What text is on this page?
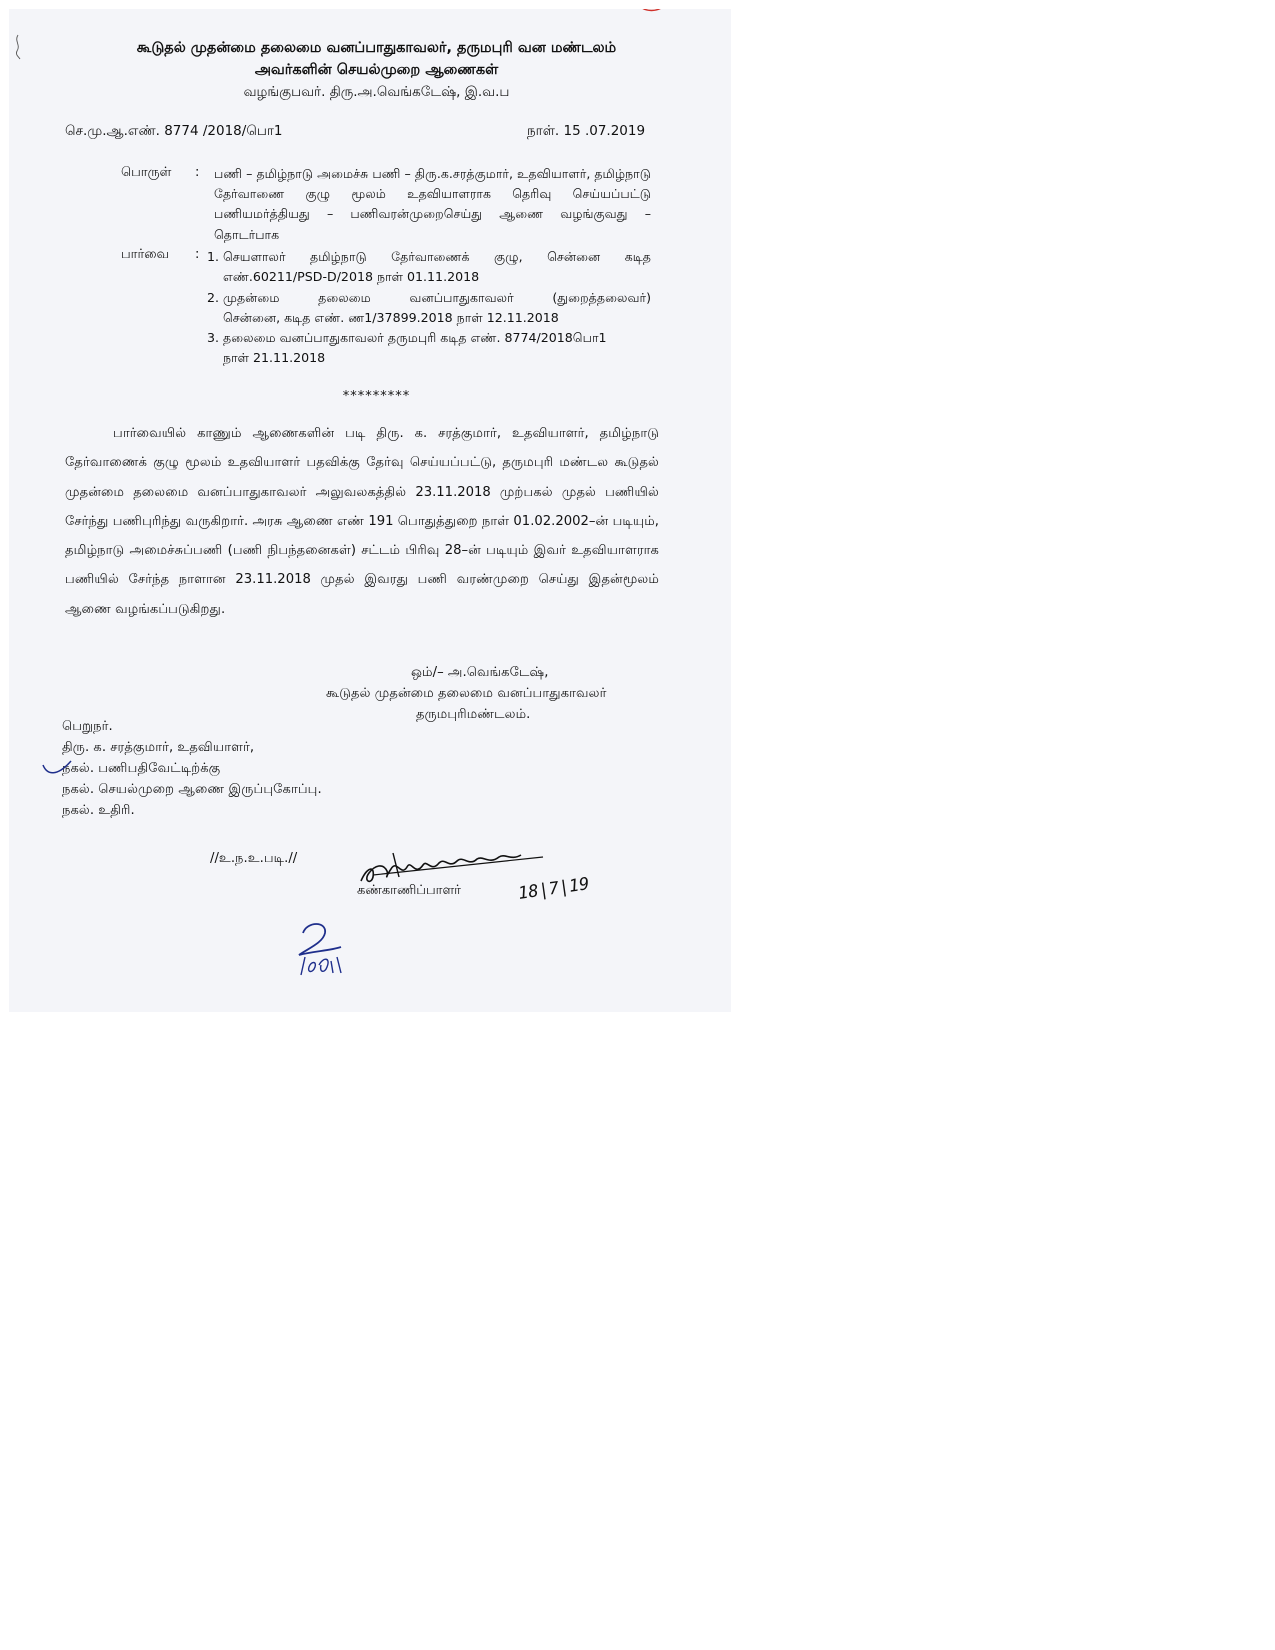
கூடுதல் முதன்மை தலைமை வனப்பாதுகாவலர், தருமபுரி வன மண்டலம்
அவர்களின் செயல்முறை ஆணைகள்
வழங்குபவர். திரு.அ.வெங்கடேஷ், இ.வ.ப
செ.மு.ஆ.எண். 8774 /2018/பொ1	நாள். 15 .07.2019
பொருள் : பணி – தமிழ்நாடு அமைச்சு பணி – திரு.க.சரத்குமார், உதவியாளர், தமிழ்நாடு தேர்வாணை குழு மூலம் உதவியாளராக தெரிவு செய்யப்பட்டு பணியமர்த்தியது – பணிவரன்முறைசெய்து ஆணை வழங்குவது – தொடர்பாக
பார்வை : 1. செயளாலர் தமிழ்நாடு தேர்வாணைக் குழு, சென்னை கடித
எண்.60211/PSD-D/2018 நாள் 01.11.2018
2. முதன்மை தலைமை வனப்பாதுகாவலர் (துறைத்தலைவர்)
சென்னை, கடித எண். ண1/37899.2018 நாள் 12.11.2018
3. தலைமை வனப்பாதுகாவலர் தருமபுரி கடித எண். 8774/2018பொ1
நாள் 21.11.2018
*********
பார்வையில் காணும் ஆணைகளின் படி திரு. க. சரத்குமார், உதவியாளர், தமிழ்நாடு தேர்வாணைக் குழு மூலம் உதவியாளர் பதவிக்கு தேர்வு செய்யப்பட்டு, தருமபுரி மண்டல கூடுதல் முதன்மை தலைமை வனப்பாதுகாவலர் அலுவலகத்தில் 23.11.2018 முற்பகல் முதல் பணியில் சேர்ந்து பணிபுரிந்து வருகிறார். அரசு ஆணை எண் 191 பொதுத்துறை நாள் 01.02.2002–ன் படியும், தமிழ்நாடு அமைச்சுப்பணி (பணி நிபந்தனைகள்) சட்டம் பிரிவு 28–ன் படியும் இவர் உதவியாளராக பணியில் சேர்ந்த நாளான 23.11.2018 முதல் இவரது பணி வரண்முறை செய்து இதன்மூலம் ஆணை வழங்கப்படுகிறது.
ஒம்/– அ.வெங்கடேஷ்,
கூடுதல் முதன்மை தலைமை வனப்பாதுகாவலர்
தருமபுரிமண்டலம்.
பெறுநர்.
திரு. க. சரத்குமார், உதவியாளர்,
நகல். பணிபதிவேட்டிற்க்கு
நகல். செயல்முறை ஆணை இருப்புகோப்பு.
நகல். உதிரி.
//உ.ந.உ.படி.//
கண்காணிப்பாளர்	18|7|19
